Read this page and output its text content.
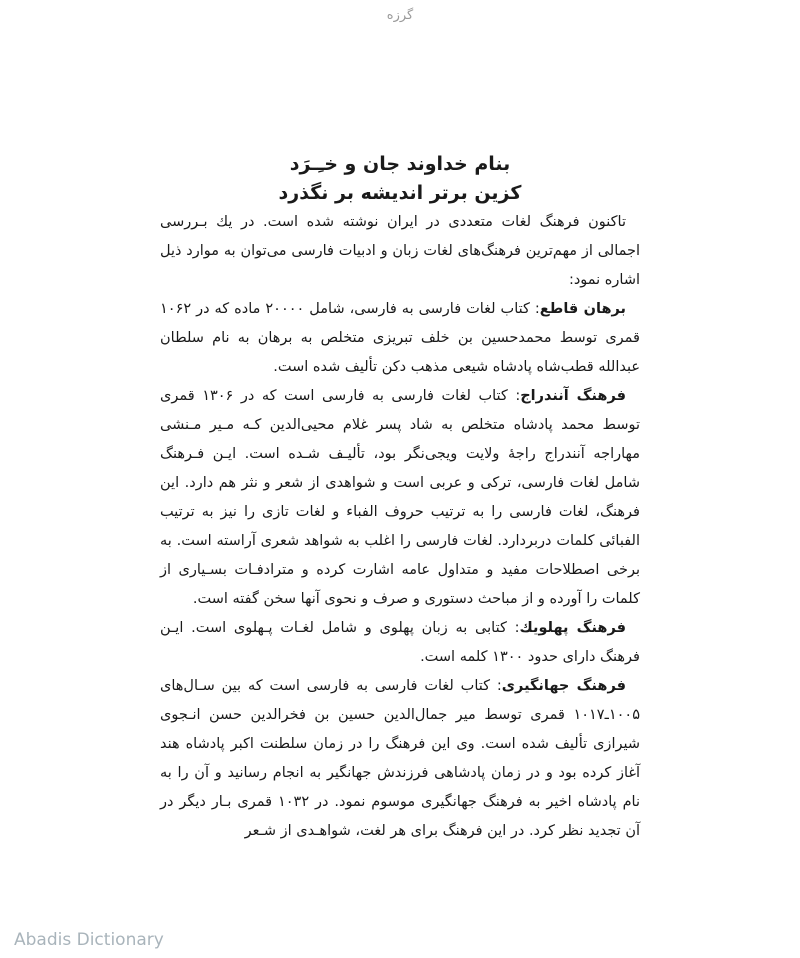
گرزه
بنام خداوند جان و خـِـرَد
کزین برتر اندیشه بر نگذرد

تاکنون فرهنگ لغات متعددی در ایران نوشته شده است. در یك بـررسی اجمالی از مهم‌ترین فرهنگ‌های لغات زبان و ادبیات فارسی می‌توان به موارد ذیل اشاره نمود:

برهان قاطع: کتاب لغات فارسی به فارسی، شامل ۲۰۰۰۰ ماده که در ۱۰۶۲ قمری توسط محمدحسین بن خلف تبریزی متخلص به برهان به نام سلطان عبدالله قطب‌شاه پادشاه شیعی مذهب دکن تألیف شده است.

فرهنگ آنندراج: کتاب لغات فارسی به فارسی است که در ۱۳۰۶ قمری توسط محمد پادشاه متخلص به شاد پسر غلام محیی‌الدین کـه مـیر مـنشی مهاراجه آنندراج راجهٔ ولایت ویجی‌نگر بود، تألیـف شـده است. ایـن فـرهنگ شامل لغات فارسی، ترکی و عربی است و شواهدی از شعر و نثر هم دارد. این فرهنگ، لغات فارسی را به ترتیب حروف الفباء و لغات تازی را نیز به ترتیب الفبائی کلمات دربردارد. لغات فارسی را اغلب به شواهد شعری آراسته است. به برخی اصطلاحات مفید و متداول عامه اشارت کرده و مترادفـات بسـیاری از کلمات را آورده و از مباحث دستوری و صرف و نحوی آنها سخن گفته است.

فرهنگ پهلویك: کتابی به زبان پهلوی و شامل لغـات پـهلوی است. ایـن فرهنگ دارای حدود ۱۳۰۰ کلمه است.

فرهنگ جهانگیری: کتاب لغات فارسی به فارسی است که بین سـال‌های ۱۰۰۵ـ۱۰۱۷ قمری توسط میر جمال‌الدین حسین بن فخرالدین حسن انـجوی شیرازی تألیف شده است. وی این فرهنگ را در زمان سلطنت اکبر پادشاه هند آغاز کرده بود و در زمان پادشاهی فرزندش جهانگیر به انجام رسانید و آن را به نام پادشاه اخیر به فرهنگ جهانگیری موسوم نمود. در ۱۰۳۲ قمری بـار دیگر در آن تجدید نظر کرد. در این فرهنگ برای هر لغت، شواهـدی از شـعر

Abadis Dictionary
